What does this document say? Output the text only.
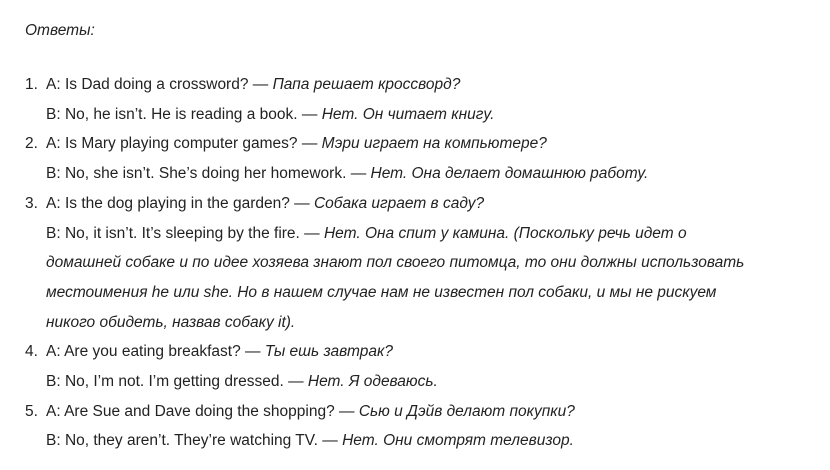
Ответы:

1. A: Is Dad doing a crossword? — Папа решает кроссворд?
B: No, he isn’t. He is reading a book. — Нет. Он читает книгу.
2. A: Is Mary playing computer games? — Мэри играет на компьютере?
B: No, she isn’t. She’s doing her homework. — Нет. Она делает домашнюю работу.
3. A: Is the dog playing in the garden? — Собака играет в саду?
B: No, it isn’t. It’s sleeping by the fire. — Нет. Она спит у камина. (Поскольку речь идет о
домашней собаке и по идее хозяева знают пол своего питомца, то они должны использовать
местоимения he или she. Но в нашем случае нам не известен пол собаки, и мы не рискуем
никого обидеть, назвав собаку it).
4. A: Are you eating breakfast? — Ты ешь завтрак?
B: No, I’m not. I’m getting dressed. — Нет. Я одеваюсь.
5. A: Are Sue and Dave doing the shopping? — Сью и Дэйв делают покупки?
B: No, they aren’t. They’re watching TV. — Нет. Они смотрят телевизор.
